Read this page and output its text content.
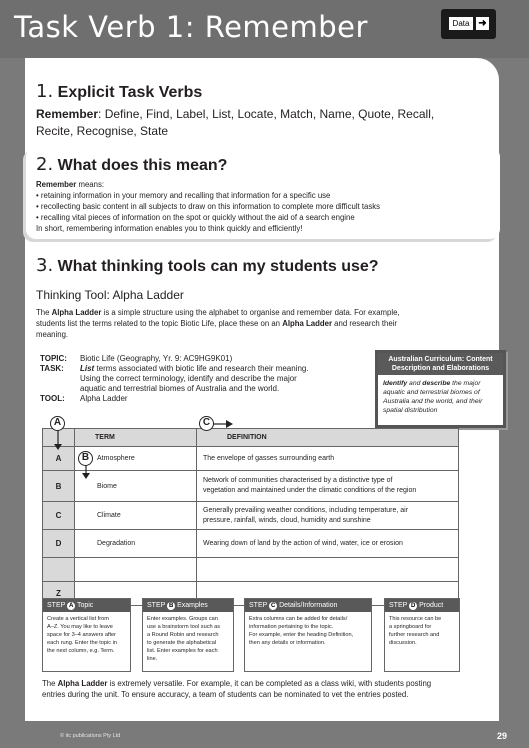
Task Verb 1: Remember	Data ➜
1. Explicit Task Verbs
Remember: Define, Find, Label, List, Locate, Match, Name, Quote, Recall,
Recite, Recognise, State
2. What does this mean?
Remember means:
• retaining information in your memory and recalling that information for a specific use
• recollecting basic content in all subjects to draw on this information to complete more difficult tasks
• recalling vital pieces of information on the spot or quickly without the aid of a search engine
In short, remembering information enables you to think quickly and efficiently!
3. What thinking tools can my students use?
Thinking Tool: Alpha Ladder
The Alpha Ladder is a simple structure using the alphabet to organise and remember data. For example,
students list the terms related to the topic Biotic Life, place these on an Alpha Ladder and research their
meaning.
TOPIC: Biotic Life (Geography, Yr. 9: AC9HG9K01)
TASK: List terms associated with biotic life and research their meaning.
Using the correct terminology, identify and describe the major
aquatic and terrestrial biomes of Australia and the world.
TOOL: Alpha Ladder
Australian Curriculum: Content
Description and Elaborations
Identify and describe the major
aquatic and terrestrial biomes of
Australia and the world, and their
spatial distribution
	TERM	DEFINITION
A	Atmosphere	The envelope of gasses surrounding earth

B	Biome	Network of communities characterised by a distinctive type of
vegetation and maintained under the climatic conditions of the region

C	Climate	Generally prevailing weather conditions, including temperature, air
pressure, rainfall, winds, cloud, humidity and sunshine

D	Degradation	Wearing down of land by the action of wind, water, ice or erosion

Z		
A
B
C
STEP A Topic
Create a vertical list from
A–Z. You may like to leave
space for 3–4 answers after
each rung. Enter the topic in
the next column, e.g. Term.
STEP B Examples
Enter examples. Groups can
use a brainstorm tool such as
a Round Robin and research
to generate the alphabetical
list. Enter examples for each
line.
STEP C Details/Information
Extra columns can be added for details/
information pertaining to the topic.
For example, enter the heading Definition,
then any details or information.
STEP D Product
This resource can be
a springboard for
further research and
discussion.
The Alpha Ladder is extremely versatile. For example, it can be completed as a class wiki, with students posting
entries during the unit. To ensure accuracy, a team of students can be nominated to vet the entries posted.
© itc publications Pty Ltd	29
